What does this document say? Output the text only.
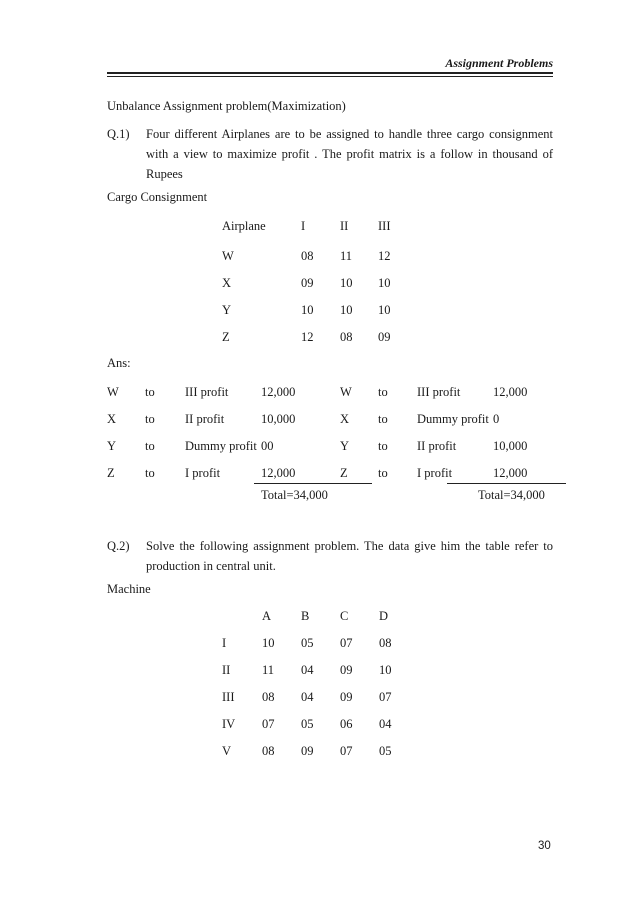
Assignment Problems
Unbalance Assignment problem(Maximization)
Q.1) Four different Airplanes are to be assigned to handle three cargo consignment with a view to maximize profit . The profit matrix is a follow in thousand of Rupees
Cargo Consignment
Airplane	I	II III
W	08 11 12
X	09 10 10
Y	10 10 10
Z	12 08 09
Ans:
W to III profit	12,000
X to II profit	10,000
Y to Dummy profit 00
Z to I profit	12,000
Total=34,000
W to III profit	12,000
X to Dummy profit 0
Y to II profit	10,000
Z to I profit	12,000
Total=34,000
Q.2) Solve the following assignment problem. The data give him the table refer to production in central unit.
Machine
A B C D
I	10 05 07 08
II	11 04 09 10
III 08 04 09 07
IV 07 05 06 04
V 08 09 07 05
30
